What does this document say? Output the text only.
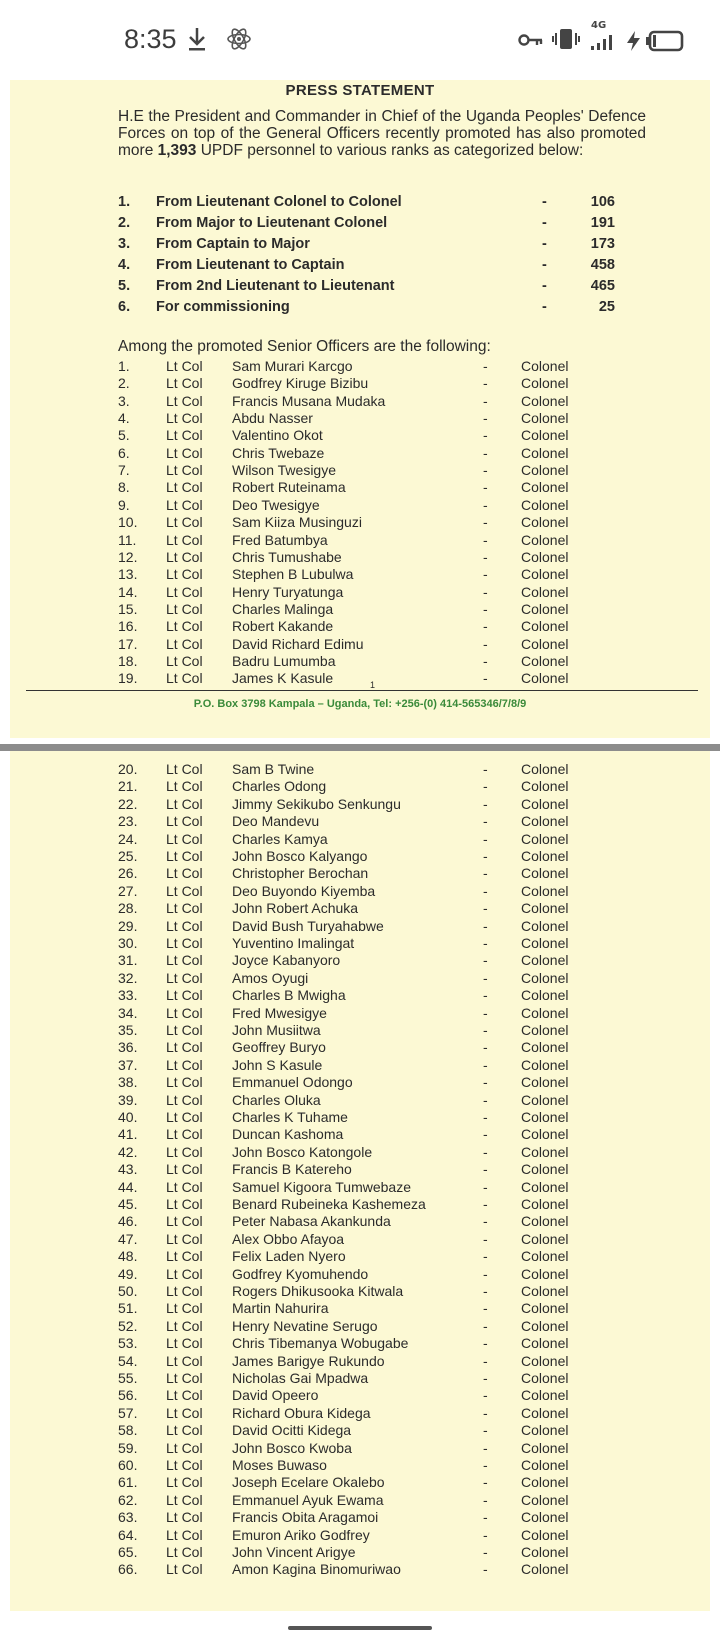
8:35	4G
PRESS STATEMENT
H.E the President and Commander in Chief of the Uganda Peoples' Defence Forces on top of the General Officers recently promoted has also promoted more 1,393 UPDF personnel to various ranks as categorized below:
1. From Lieutenant Colonel to Colonel	-	106
2. From Major to Lieutenant Colonel	-	191
3. From Captain to Major	-	173
4. From Lieutenant to Captain	-	458
5. From 2nd Lieutenant to Lieutenant	-	465
6. For commissioning	-	25
Among the promoted Senior Officers are the following:
1.	Lt Col Sam Murari Karcgo	- Colonel
2.	Lt Col Godfrey Kiruge Bizibu	- Colonel
3.	Lt Col Francis Musana Mudaka	- Colonel
4.	Lt Col Abdu Nasser	- Colonel
5.	Lt Col Valentino Okot	- Colonel
6.	Lt Col Chris Twebaze	- Colonel
7.	Lt Col Wilson Twesigye	- Colonel
8.	Lt Col Robert Ruteinama	- Colonel
9.	Lt Col Deo Twesigye	- Colonel
10. Lt Col Sam Kiiza Musinguzi	- Colonel
11. Lt Col Fred Batumbya	- Colonel
12. Lt Col Chris Tumushabe	- Colonel
13. Lt Col Stephen B Lubulwa	- Colonel
14. Lt Col Henry Turyatunga	- Colonel
15. Lt Col Charles Malinga	- Colonel
16. Lt Col Robert Kakande	- Colonel
17. Lt Col David Richard Edimu	- Colonel
18. Lt Col Badru Lumumba	- Colonel
19. Lt Col James K Kasule	- Colonel
1
P.O. Box 3798 Kampala – Uganda, Tel: +256-(0) 414-565346/7/8/9
20. Lt Col Sam B Twine	- Colonel
21. Lt Col Charles Odong	- Colonel
22. Lt Col Jimmy Sekikubo Senkungu	- Colonel
23. Lt Col Deo Mandevu	- Colonel
24. Lt Col Charles Kamya	- Colonel
25. Lt Col John Bosco Kalyango	- Colonel
26. Lt Col Christopher Berochan	- Colonel
27. Lt Col Deo Buyondo Kiyemba	- Colonel
28. Lt Col John Robert Achuka	- Colonel
29. Lt Col David Bush Turyahabwe	- Colonel
30. Lt Col Yuventino Imalingat	- Colonel
31. Lt Col Joyce Kabanyoro	- Colonel
32. Lt Col Amos Oyugi	- Colonel
33. Lt Col Charles B Mwigha	- Colonel
34. Lt Col Fred Mwesigye	- Colonel
35. Lt Col John Musiitwa	- Colonel
36. Lt Col Geoffrey Buryo	- Colonel
37. Lt Col John S Kasule	- Colonel
38. Lt Col Emmanuel Odongo	- Colonel
39. Lt Col Charles Oluka	- Colonel
40. Lt Col Charles K Tuhame	- Colonel
41. Lt Col Duncan Kashoma	- Colonel
42. Lt Col John Bosco Katongole	- Colonel
43. Lt Col Francis B Katereho	- Colonel
44. Lt Col Samuel Kigoora Tumwebaze	- Colonel
45. Lt Col Benard Rubeineka Kashemeza	- Colonel
46. Lt Col Peter Nabasa Akankunda	- Colonel
47. Lt Col Alex Obbo Afayoa	- Colonel
48. Lt Col Felix Laden Nyero	- Colonel
49. Lt Col Godfrey Kyomuhendo	- Colonel
50. Lt Col Rogers Dhikusooka Kitwala	- Colonel
51. Lt Col Martin Nahurira	- Colonel
52. Lt Col Henry Nevatine Serugo	- Colonel
53. Lt Col Chris Tibemanya Wobugabe	- Colonel
54. Lt Col James Barigye Rukundo	- Colonel
55. Lt Col Nicholas Gai Mpadwa	- Colonel
56. Lt Col David Opeero	- Colonel
57. Lt Col Richard Obura Kidega	- Colonel
58. Lt Col David Ocitti Kidega	- Colonel
59. Lt Col John Bosco Kwoba	- Colonel
60. Lt Col Moses Buwaso	- Colonel
61. Lt Col Joseph Ecelare Okalebo	- Colonel
62. Lt Col Emmanuel Ayuk Ewama	- Colonel
63. Lt Col Francis Obita Aragamoi	- Colonel
64. Lt Col Emuron Ariko Godfrey	- Colonel
65. Lt Col John Vincent Arigye	- Colonel
66. Lt Col Amon Kagina Binomuriwao	- Colonel
